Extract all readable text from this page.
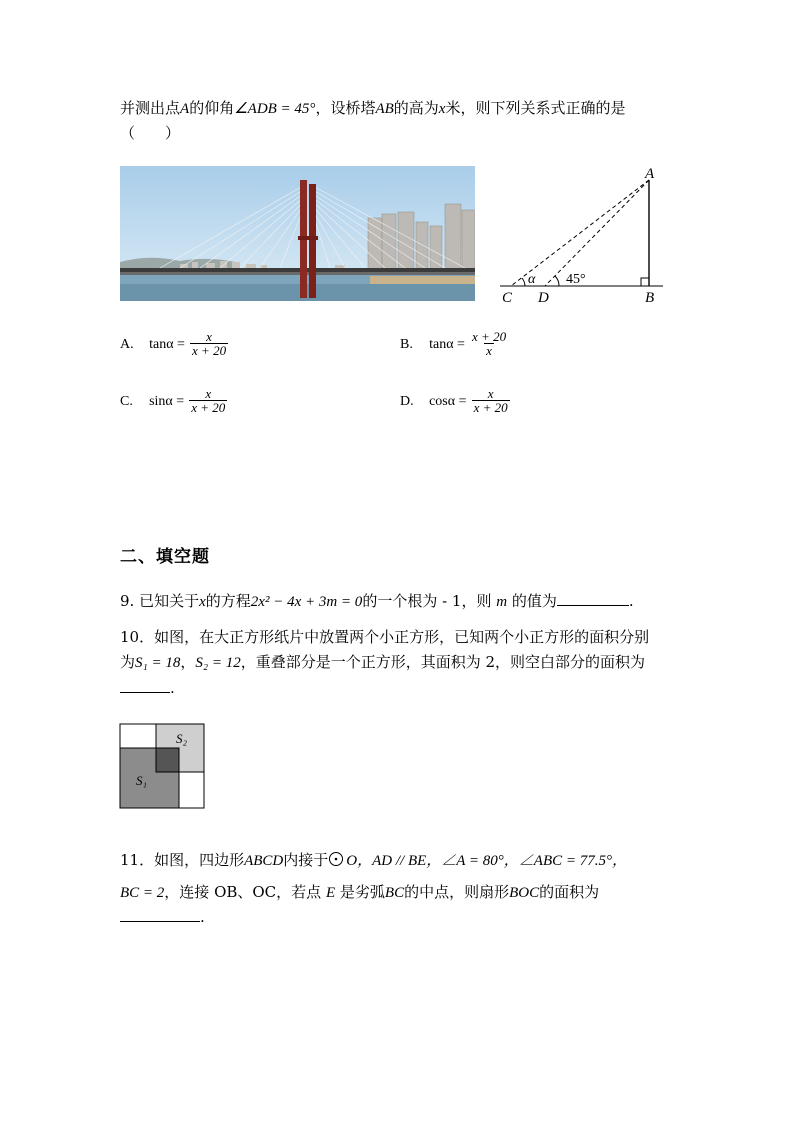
并测出点A的仰角∠ADB = 45°，设桥塔AB的高为x米，则下列关系式正确的是
（　　）
A
B
C D
α 45°
A. $\tan\alpha = \frac{x}{x + 20}$	B. $\tan\alpha = \frac{x + 20}{x}$
C. $\sin\alpha = \frac{x}{x + 20}$	D. $\cos\alpha = \frac{x}{x + 20}$
二、填空题
9. 已知关于x的方程2x² − 4x + 3m = 0的一个根为 - 1，则 m 的值为	.
10．如图，在大正方形纸片中放置两个小正方形，已知两个小正方形的面积分别
为S₁ = 18，S₂ = 12，重叠部分是一个正方形，其面积为 2，则空白部分的面积为
.
S₂
S₁
11．如图，四边形ABCD内接于 O，AD // BE，∠A = 80°，∠ABC = 77.5°，
BC = 2，连接 OB、OC，若点 E 是劣弧BC的中点，则扇形BOC的面积为
.
